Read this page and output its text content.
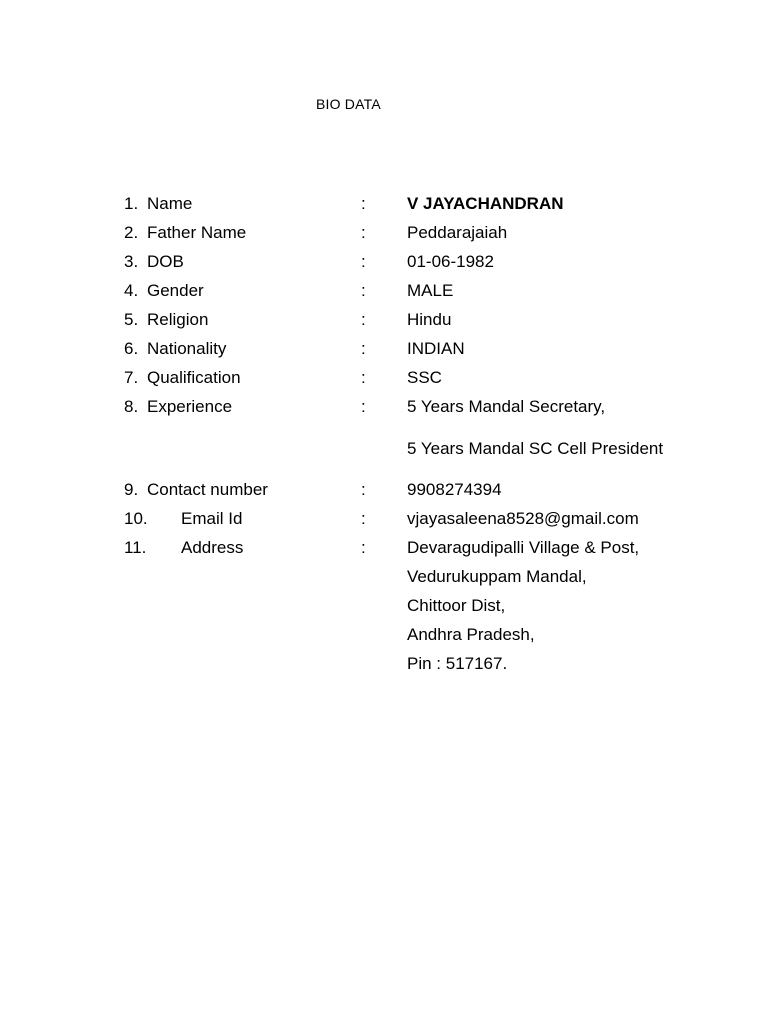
BIO DATA
1. Name	: V JAYACHANDRAN
2. Father Name	: Peddarajaiah
3. DOB	: 01-06-1982
4. Gender	: MALE
5. Religion	: Hindu
6. Nationality	: INDIAN
7. Qualification	: SSC
8. Experience	: 5 Years Mandal Secretary,
5 Years Mandal SC Cell President
9. Contact number	: 9908274394
10. Email Id	: vjayasaleena8528@gmail.com
11. Address	: Devaragudipalli Village & Post,
Vedurukuppam Mandal,
Chittoor Dist,
Andhra Pradesh,
Pin : 517167.
